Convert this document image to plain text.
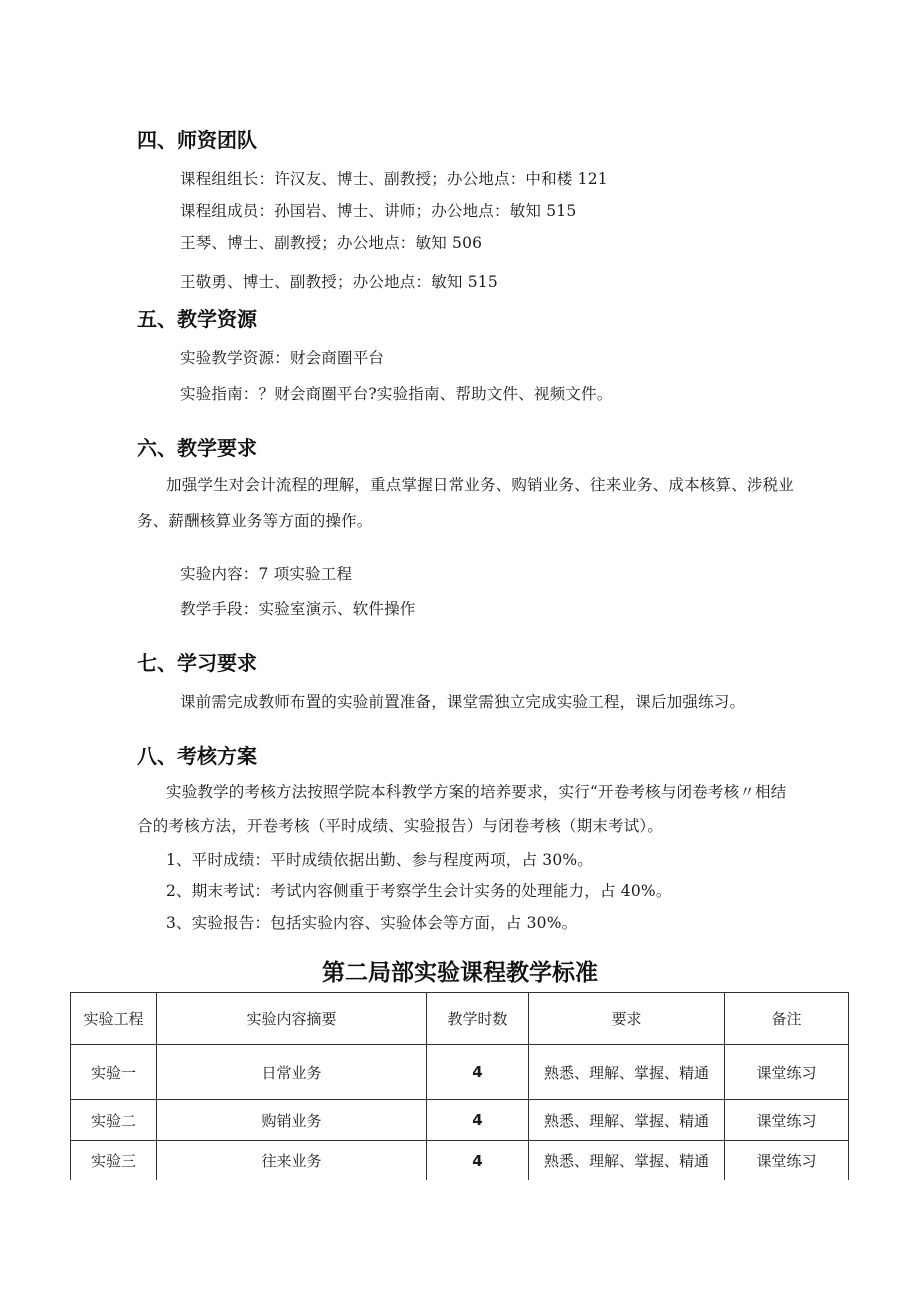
四、师资团队
课程组组长：许汉友、博士、副教授；办公地点：中和楼 121
课程组成员：孙国岩、博士、讲师；办公地点：敏知 515
王琴、博士、副教授；办公地点：敏知 506
王敬勇、博士、副教授；办公地点：敏知 515
五、教学资源
实验教学资源：财会商圈平台
实验指南：？财会商圈平台?实验指南、帮助文件、视频文件。
六、教学要求
加强学生对会计流程的理解，重点掌握日常业务、购销业务、往来业务、成本核算、涉税业
务、薪酬核算业务等方面的操作。
实验内容：7 项实验工程
教学手段：实验室演示、软件操作
七、学习要求
课前需完成教师布置的实验前置准备，课堂需独立完成实验工程，课后加强练习。
八、考核方案
实验教学的考核方法按照学院本科教学方案的培养要求，实行“开卷考核与闭卷考核〃相结
合的考核方法，开卷考核（平时成绩、实验报告）与闭卷考核（期末考试）。
1、平时成绩：平时成绩依据出勤、参与程度两项，占 30%。
2、期末考试：考试内容侧重于考察学生会计实务的处理能力，占 40%。
3、实验报告：包括实验内容、实验体会等方面，占 30%。
第二局部实验课程教学标准
实验工程	实验内容摘要	教学时数	要求	备注
实验一	日常业务	4	熟悉、理解、掌握、精通	课堂练习
实验二	购销业务	4	熟悉、理解、掌握、精通	课堂练习
实验三	往来业务	4	熟悉、理解、掌握、精通	课堂练习
